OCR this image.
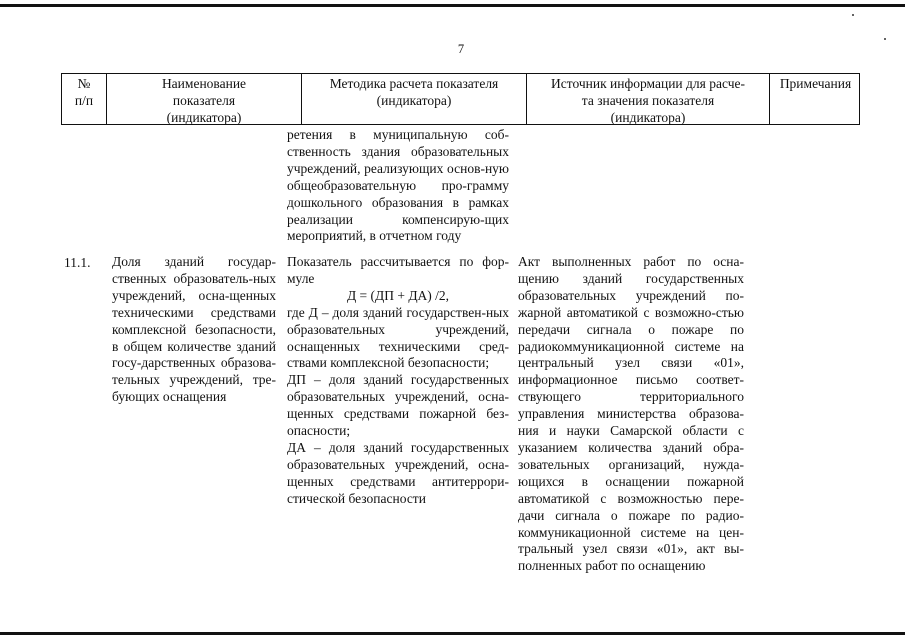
7
№
п/п
Наименование
показателя
(индикатора)
Методика расчета показателя
(индикатора)
Источник информации для расче-
та значения показателя
(индикатора)
Примечания
ретения в муниципальную соб-ственность здания образовательных учреждений, реализующих основ-ную общеобразовательную про-грамму дошкольного образования в рамках реализации компенсирую-щих мероприятий, в отчетном году
11.1. Доля зданий государ-ственных образователь-ных учреждений, осна-щенных техническими средствами комплексной безопасности, в общем количестве зданий госу-дарственных образова-тельных учреждений, тре-бующих оснащения

Показатель рассчитывается по фор-муле

Д = (ДП + ДА) /2,

где Д – доля зданий государствен-ных образовательных учреждений, оснащенных техническими сред-ствами комплексной безопасности;

ДП – доля зданий государственных образовательных учреждений, осна-щенных средствами пожарной без-опасности;

ДА – доля зданий государственных образовательных учреждений, осна-щенных средствами антитеррори-стической безопасности

Акт выполненных работ по осна-щению зданий государственных образовательных учреждений по-жарной автоматикой с возможно-стью передачи сигнала о пожаре по радиокоммуникационной системе на центральный узел связи «01», информационное письмо соответ-ствующего территориального управления министерства образова-ния и науки Самарской области с указанием количества зданий обра-зовательных организаций, нужда-ющихся в оснащении пожарной автоматикой с возможностью пере-дачи сигнала о пожаре по радио-коммуникационной системе на цен-тральный узел связи «01», акт вы-полненных работ по оснащению
